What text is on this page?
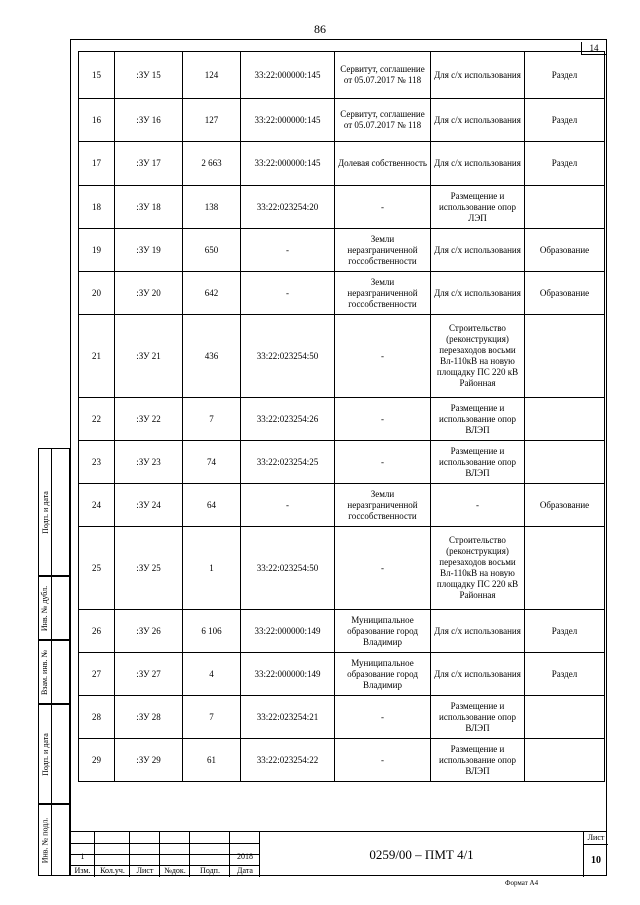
86
14
15	:ЗУ 15	124	33:22:000000:145	Сервитут, соглашение от 05.07.2017 № 118	Для с/х использования	Раздел
16	:ЗУ 16	127	33:22:000000:145	Сервитут, соглашение от 05.07.2017 № 118	Для с/х использования	Раздел
17	:ЗУ 17	2 663	33:22:000000:145	Долевая собственность	Для с/х использования	Раздел
18	:ЗУ 18	138	33:22:023254:20	-	Размещение и использование опор ЛЭП	
19	:ЗУ 19	650	-	Земли неразграниченной госсобственности	Для с/х использования	Образование
20	:ЗУ 20	642	-	Земли неразграниченной госсобственности	Для с/х использования	Образование
21	:ЗУ 21	436	33:22:023254:50	-	Строительство (реконструкция) перезаходов восьми Вл-110кВ на новую площадку ПС 220 кВ Районная	
22	:ЗУ 22	7	33:22:023254:26	-	Размещение и использование опор ВЛЭП	
23	:ЗУ 23	74	33:22:023254:25	-	Размещение и использование опор ВЛЭП	
24	:ЗУ 24	64	-	Земли неразграниченной госсобственности	-	Образование
25	:ЗУ 25	1	33:22:023254:50	-	Строительство (реконструкция) перезаходов восьми Вл-110кВ на новую площадку ПС 220 кВ Районная	
26	:ЗУ 26	6 106	33:22:000000:149	Муниципальное образование город Владимир	Для с/х использования	Раздел
27	:ЗУ 27	4	33:22:000000:149	Муниципальное образование город Владимир	Для с/х использования	Раздел
28	:ЗУ 28	7	33:22:023254:21	-	Размещение и использование опор ВЛЭП	
29	:ЗУ 29	61	33:22:023254:22	-	Размещение и использование опор ВЛЭП	
Подп. и дата
Инв. № дубл.
Взам. инв. №
Подп. и дата
Инв. № подл.	1
Изм.	Кол.уч.	Лист	№док.	Подп.
2018
Дата
0259/00 – ПМТ 4/1
Лист
10
Формат А4
